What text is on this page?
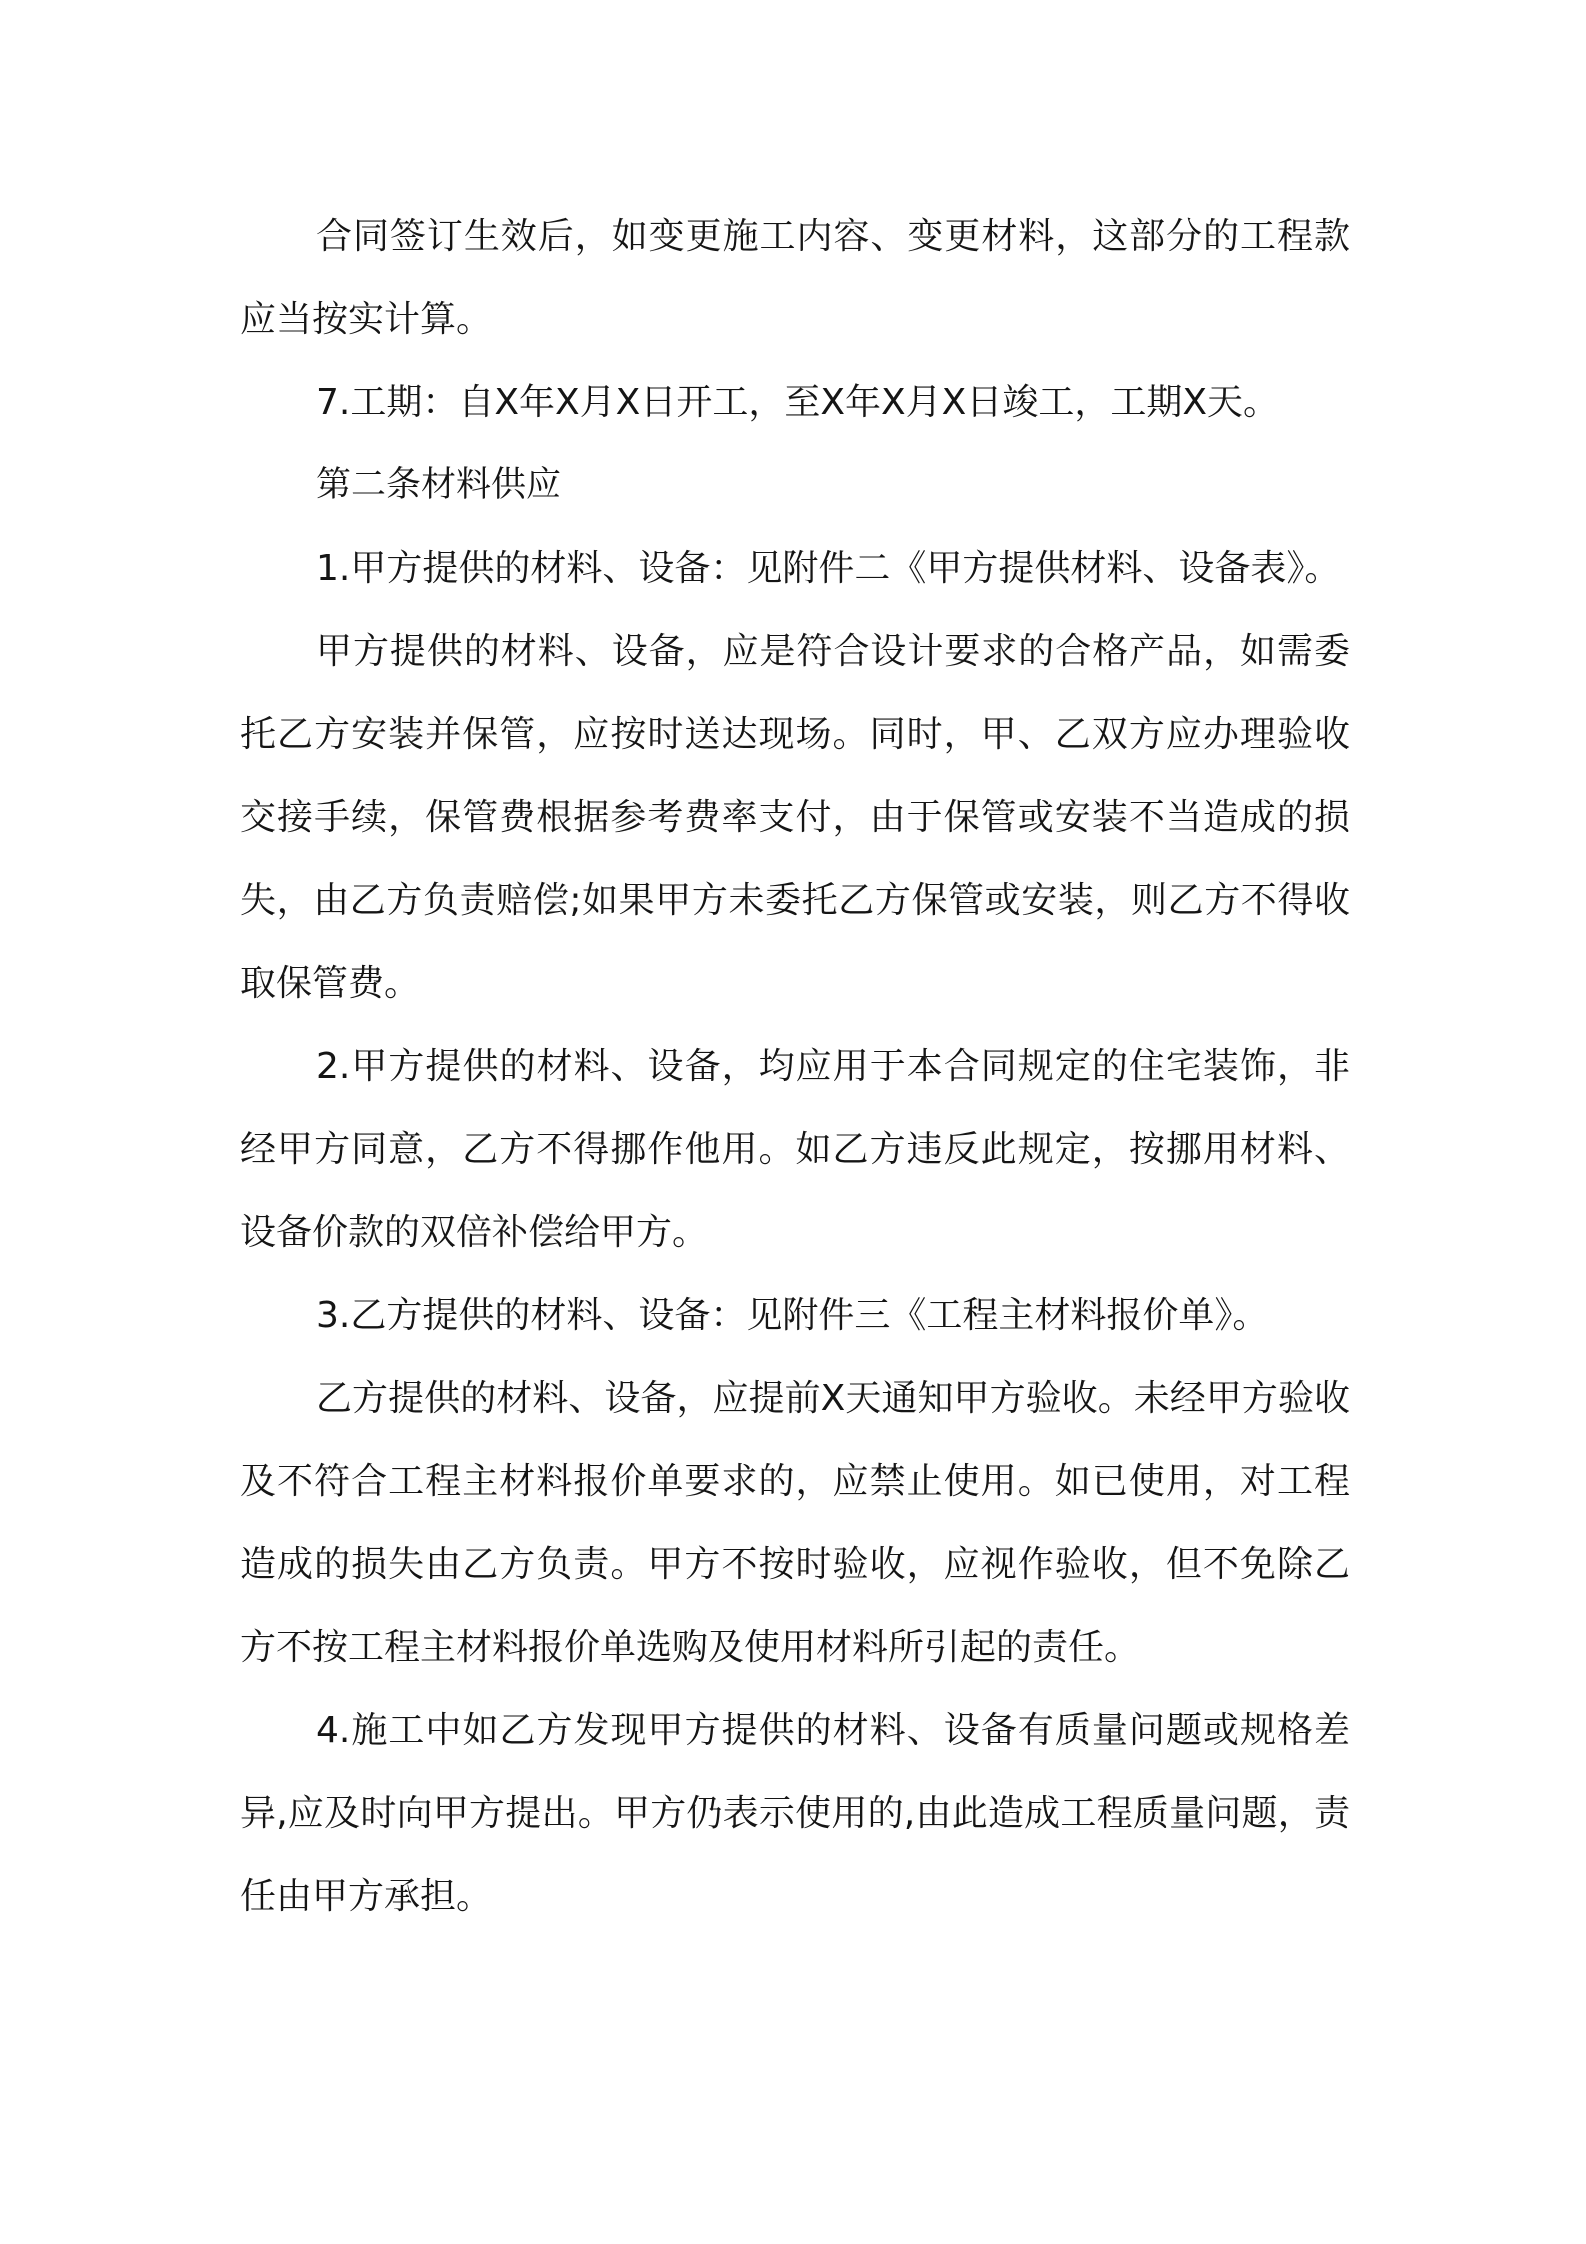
合同签订生效后，如变更施工内容、变更材料，这部分的工程款应当按实计算。

7.工期：自X年X月X日开工，至X年X月X日竣工，工期X天。

第二条材料供应

1.甲方提供的材料、设备：见附件二《甲方提供材料、设备表》。

甲方提供的材料、设备，应是符合设计要求的合格产品，如需委托乙方安装并保管，应按时送达现场。同时，甲、乙双方应办理验收交接手续，保管费根据参考费率支付，由于保管或安装不当造成的损失，由乙方负责赔偿;如果甲方未委托乙方保管或安装，则乙方不得收取保管费。

2.甲方提供的材料、设备，均应用于本合同规定的住宅装饰，非经甲方同意，乙方不得挪作他用。如乙方违反此规定，按挪用材料、设备价款的双倍补偿给甲方。

3.乙方提供的材料、设备：见附件三《工程主材料报价单》。

乙方提供的材料、设备，应提前X天通知甲方验收。未经甲方验收及不符合工程主材料报价单要求的，应禁止使用。如已使用，对工程造成的损失由乙方负责。甲方不按时验收，应视作验收，但不免除乙方不按工程主材料报价单选购及使用材料所引起的责任。

4.施工中如乙方发现甲方提供的材料、设备有质量问题或规格差异,应及时向甲方提出。甲方仍表示使用的,由此造成工程质量问题，责任由甲方承担。
